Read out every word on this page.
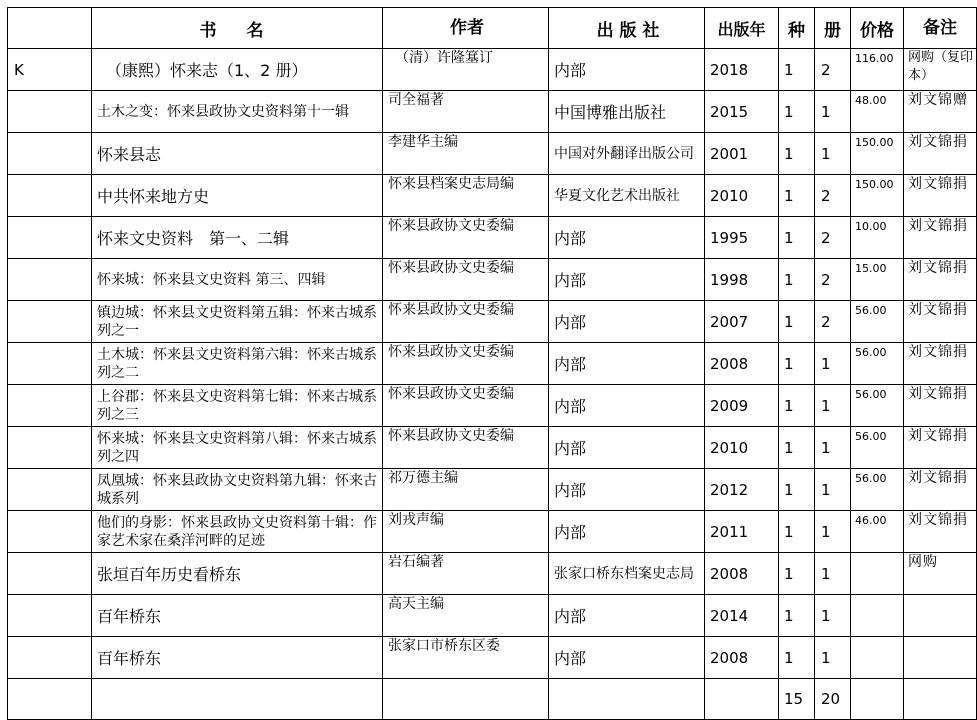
	书 名	作者	出 版 社	出版年	种	册	价格	备注
K	（康熙）怀来志（1、2 册）	（清）许隆簊订	内部	2018	1	2	116.00	网购（复印本）
	土木之变：怀来县政协文史资料第十一辑	司全福著	中国博雅出版社	2015	1	1	48.00	刘文锦赠
	怀来县志	李建华主编	中国对外翻译出版公司	2001	1	1	150.00	刘文锦捐
	中共怀来地方史	怀来县档案史志局编	华夏文化艺术出版社	2010	1	2	150.00	刘文锦捐
	怀来文史资料　第一、二辑	怀来县政协文史委编	内部	1995	1	2	10.00	刘文锦捐
	怀来城：怀来县文史资料 第三、四辑	怀来县政协文史委编	内部	1998	1	2	15.00	刘文锦捐
	镇边城：怀来县文史资料第五辑：怀来古城系列之一	怀来县政协文史委编	内部	2007	1	2	56.00	刘文锦捐
	土木城：怀来县文史资料第六辑：怀来古城系列之二	怀来县政协文史委编	内部	2008	1	1	56.00	刘文锦捐
	上谷郡：怀来县文史资料第七辑：怀来古城系列之三	怀来县政协文史委编	内部	2009	1	1	56.00	刘文锦捐
	怀来城：怀来县文史资料第八辑：怀来古城系列之四	怀来县政协文史委编	内部	2010	1	1	56.00	刘文锦捐
	凤凰城：怀来县政协文史资料第九辑：怀来古城系列	祁万德主编	内部	2012	1	1	56.00	刘文锦捐
	他们的身影：怀来县政协文史资料第十辑：作家艺术家在桑洋河畔的足迹	刘戎声编	内部	2011	1	1	46.00	刘文锦捐
	张垣百年历史看桥东	岩石编著	张家口桥东档案史志局	2008	1	1		网购
	百年桥东	高天主编	内部	2014	1	1		
	百年桥东	张家口市桥东区委	内部	2008	1	1		
					15	20		
